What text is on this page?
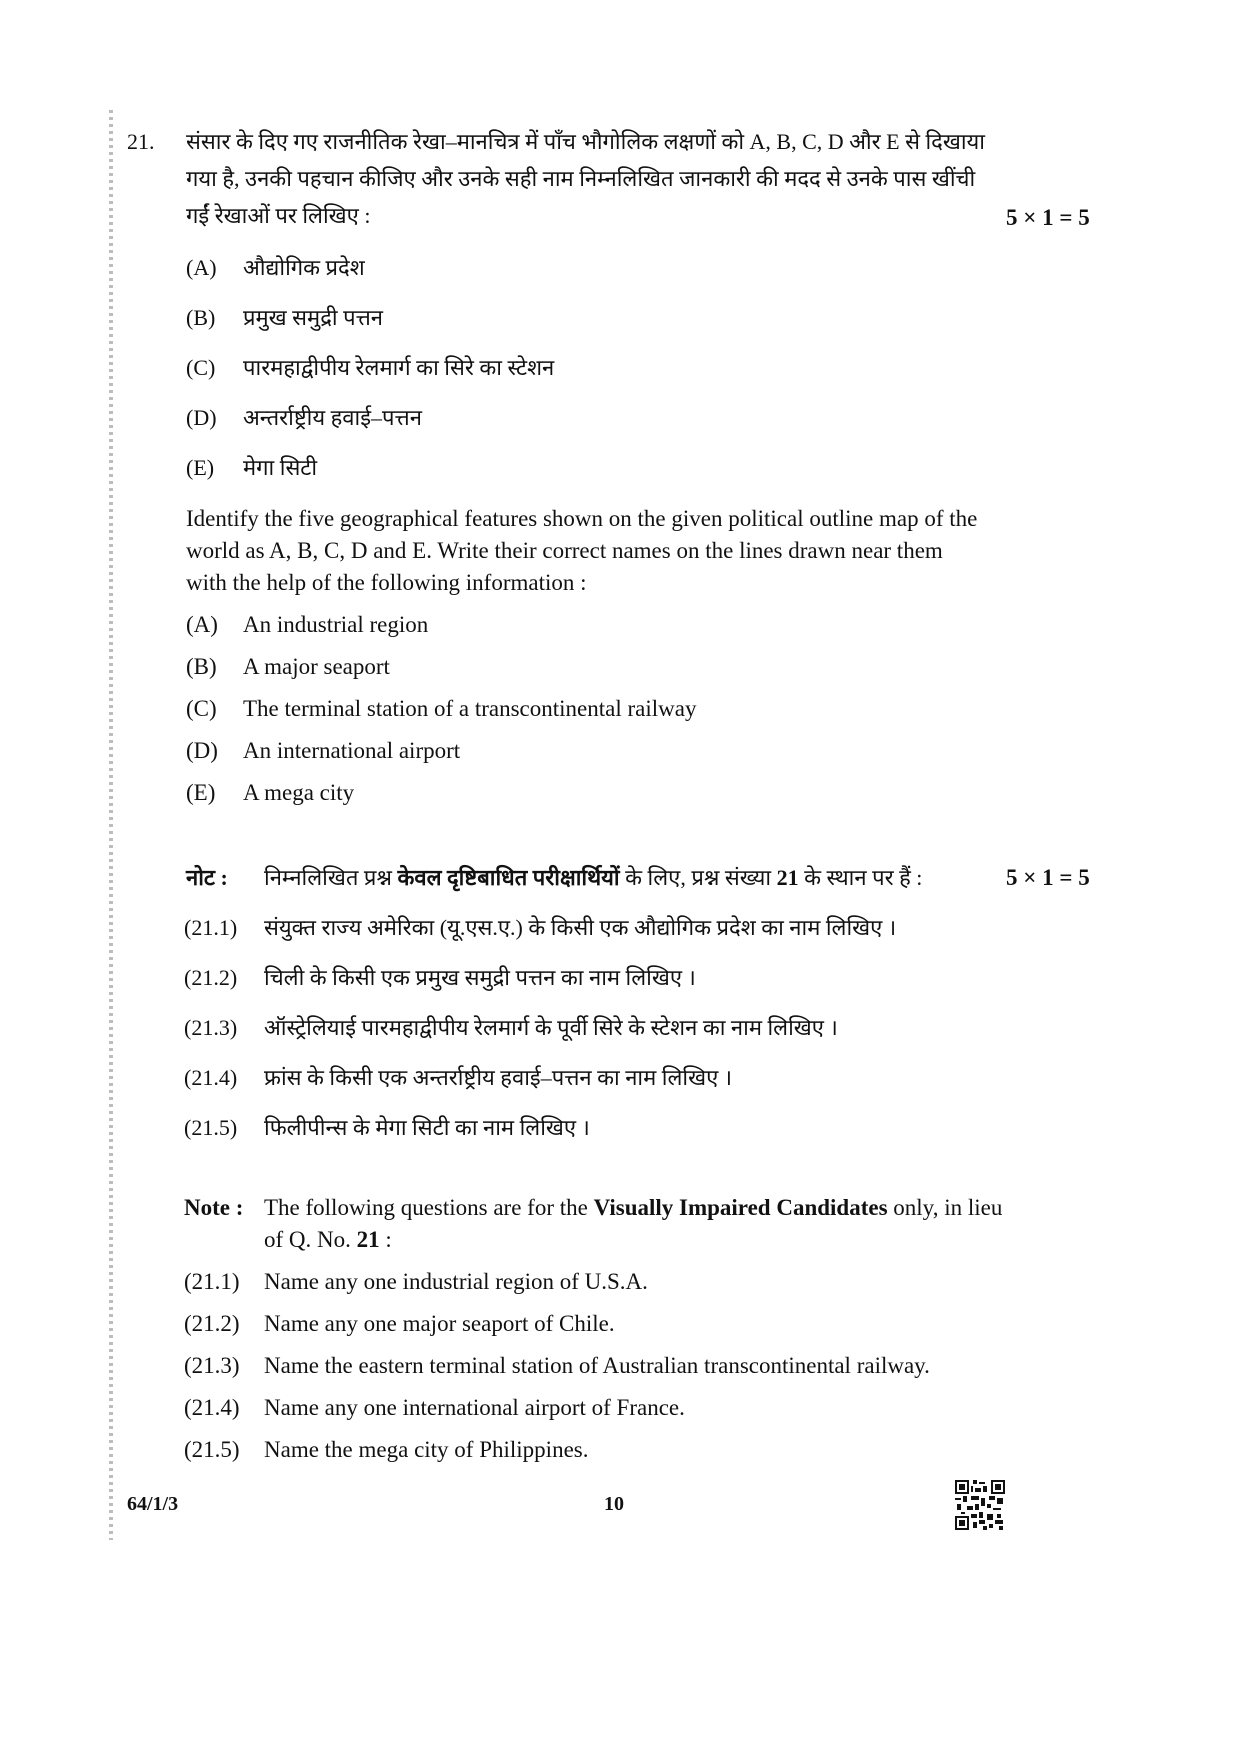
21. संसार के दिए गए राजनीतिक रेखा–मानचित्र में पाँच भौगोलिक लक्षणों को A, B, C, D और E से दिखाया
गया है, उनकी पहचान कीजिए और उनके सही नाम निम्नलिखित जानकारी की मदद से उनके पास खींची
गईं रेखाओं पर लिखिए :	5 × 1 = 5
(A) औद्योगिक प्रदेश
(B) प्रमुख समुद्री पत्तन
(C) पारमहाद्वीपीय रेलमार्ग का सिरे का स्टेशन
(D) अन्तर्राष्ट्रीय हवाई–पत्तन
(E) मेगा सिटी
Identify the five geographical features shown on the given political outline map of the
world as A, B, C, D and E. Write their correct names on the lines drawn near them
with the help of the following information :
(A) An industrial region
(B) A major seaport
(C) The terminal station of a transcontinental railway
(D) An international airport
(E) A mega city
नोट : निम्नलिखित प्रश्न केवल दृष्टिबाधित परीक्षार्थियों के लिए, प्रश्न संख्या 21 के स्थान पर हैं :	5 × 1 = 5
(21.1) संयुक्त राज्य अमेरिका (यू.एस.ए.) के किसी एक औद्योगिक प्रदेश का नाम लिखिए ।
(21.2) चिली के किसी एक प्रमुख समुद्री पत्तन का नाम लिखिए ।
(21.3) ऑस्ट्रेलियाई पारमहाद्वीपीय रेलमार्ग के पूर्वी सिरे के स्टेशन का नाम लिखिए ।
(21.4) फ्रांस के किसी एक अन्तर्राष्ट्रीय हवाई–पत्तन का नाम लिखिए ।
(21.5) फिलीपीन्स के मेगा सिटी का नाम लिखिए ।
Note : The following questions are for the Visually Impaired Candidates only, in lieu
of Q. No. 21 :
(21.1) Name any one industrial region of U.S.A.
(21.2) Name any one major seaport of Chile.
(21.3) Name the eastern terminal station of Australian transcontinental railway.
(21.4) Name any one international airport of France.
(21.5) Name the mega city of Philippines.
64/1/3	10
